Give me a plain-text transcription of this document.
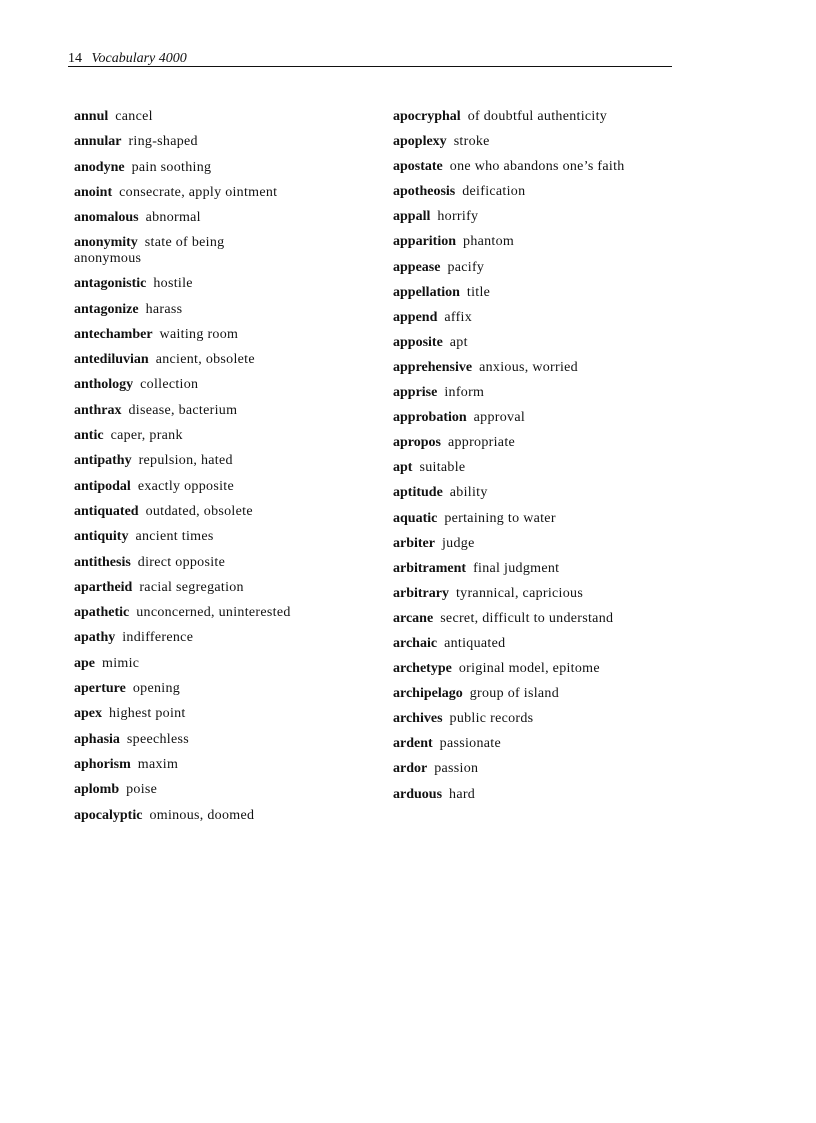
14 Vocabulary 4000
annul cancel
annular ring-shaped
anodyne pain soothing
anoint consecrate, apply ointment
anomalous abnormal
anonymity state of being anonymous
antagonistic hostile
antagonize harass
antechamber waiting room
antediluvian ancient, obsolete
anthology collection
anthrax disease, bacterium
antic caper, prank
antipathy repulsion, hated
antipodal exactly opposite
antiquated outdated, obsolete
antiquity ancient times
antithesis direct opposite
apartheid racial segregation
apathetic unconcerned, uninterested
apathy indifference
ape mimic
aperture opening
apex highest point
aphasia speechless
aphorism maxim
aplomb poise
apocalyptic ominous, doomed
apocryphal of doubtful authenticity
apoplexy stroke
apostate one who abandons one’s faith
apotheosis deification
appall horrify
apparition phantom
appease pacify
appellation title
append affix
apposite apt
apprehensive anxious, worried
apprise inform
approbation approval
apropos appropriate
apt suitable
aptitude ability
aquatic pertaining to water
arbiter judge
arbitrament final judgment
arbitrary tyrannical, capricious
arcane secret, difficult to understand
archaic antiquated
archetype original model, epitome
archipelago group of island
archives public records
ardent passionate
ardor passion
arduous hard
